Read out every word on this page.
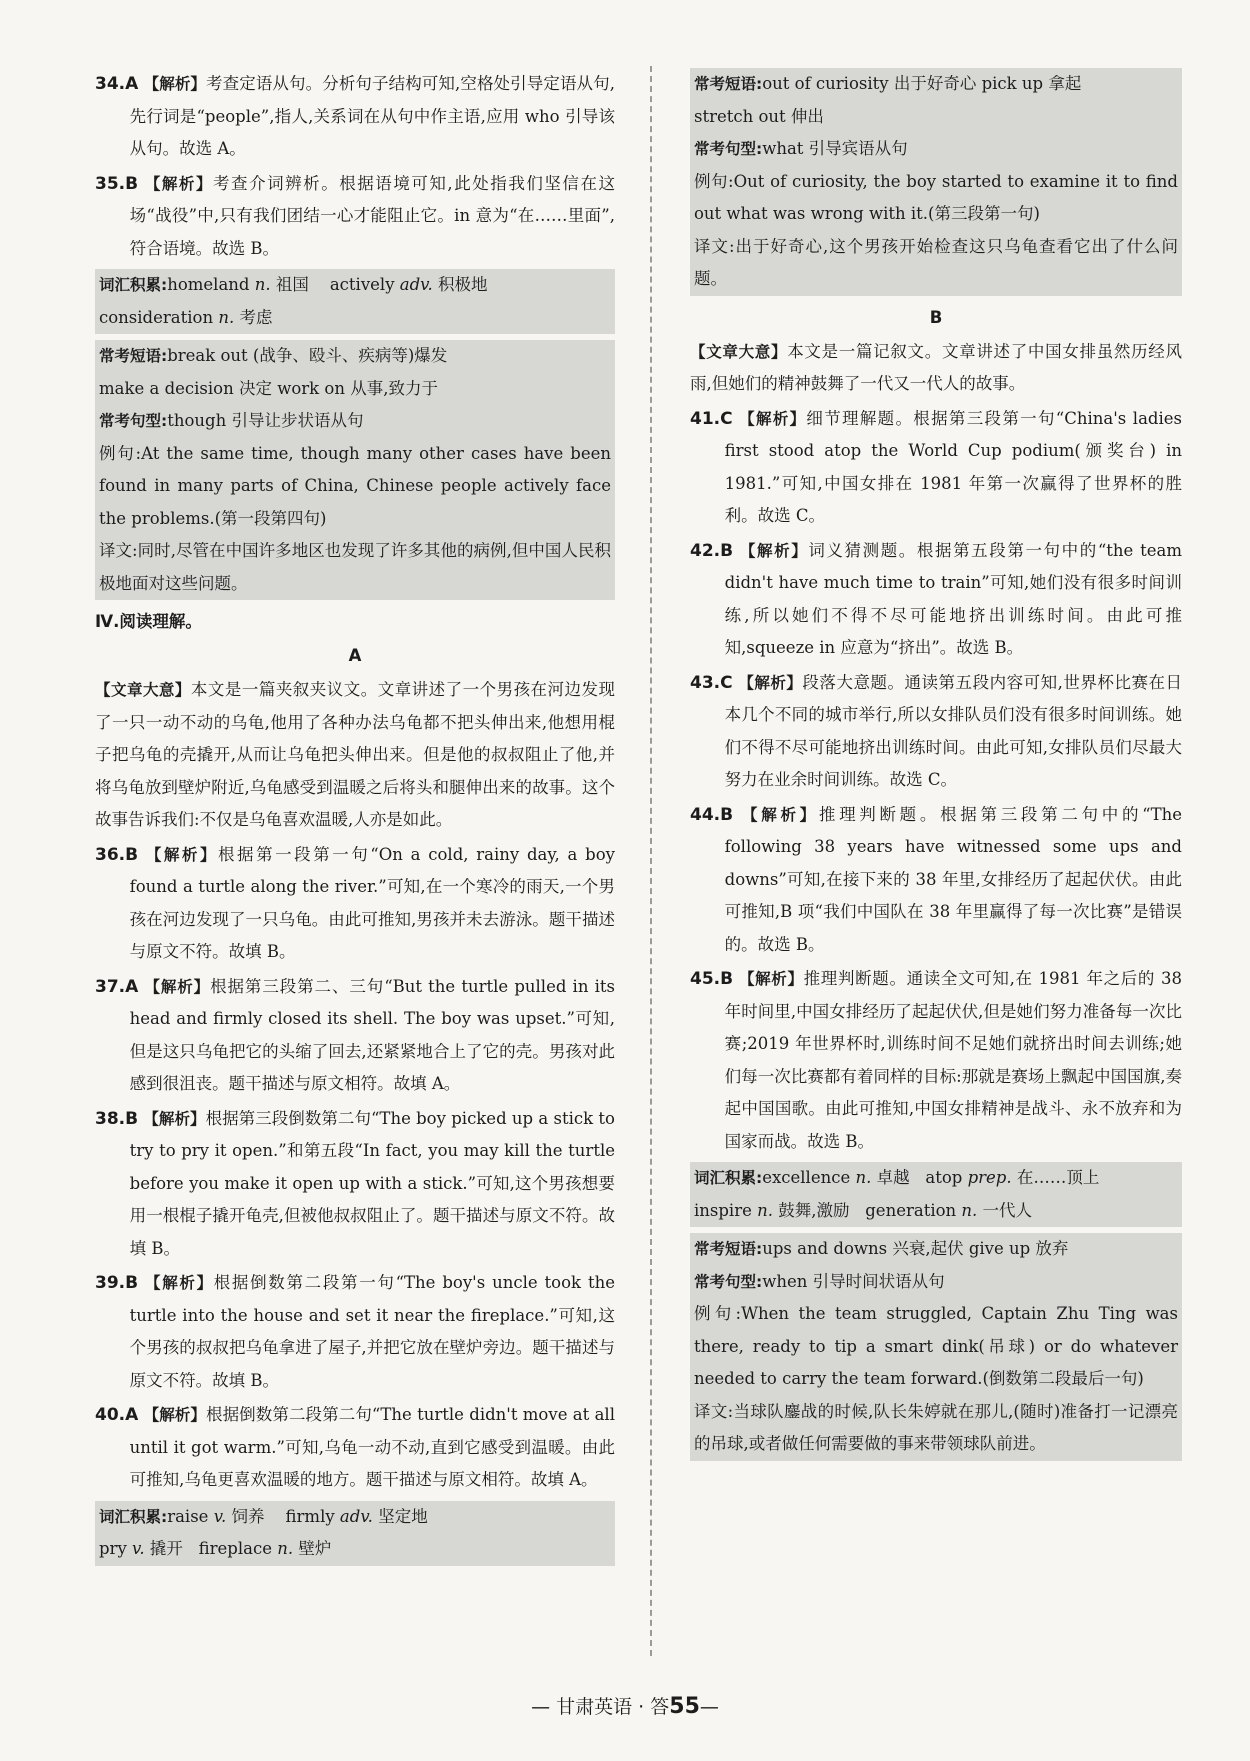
34.A 【解析】考查定语从句。分析句子结构可知,空格处引导定语从句,先行词是“people”,指人,关系词在从句中作主语,应用 who 引导该从句。故选 A。

35.B 【解析】考查介词辨析。根据语境可知,此处指我们坚信在这场“战役”中,只有我们团结一心才能阻止它。in 意为“在……里面”,符合语境。故选 B。

词汇积累:homeland n. 祖国 actively adv. 积极地
consideration n. 考虑

常考短语:break out (战争、殴斗、疾病等)爆发
make a decision 决定 work on 从事,致力于

常考句型:though 引导让步状语从句

例句:At the same time, though many other cases have been found in many parts of China, Chinese people actively face the problems.(第一段第四句)

译文:同时,尽管在中国许多地区也发现了许多其他的病例,但中国人民积极地面对这些问题。

Ⅳ.阅读理解。

A

【文章大意】本文是一篇夹叙夹议文。文章讲述了一个男孩在河边发现了一只一动不动的乌龟,他用了各种办法乌龟都不把头伸出来,他想用棍子把乌龟的壳撬开,从而让乌龟把头伸出来。但是他的叔叔阻止了他,并将乌龟放到壁炉附近,乌龟感受到温暖之后将头和腿伸出来的故事。这个故事告诉我们:不仅是乌龟喜欢温暖,人亦是如此。

36.B 【解析】根据第一段第一句“On a cold, rainy day, a boy found a turtle along the river.”可知,在一个寒冷的雨天,一个男孩在河边发现了一只乌龟。由此可推知,男孩并未去游泳。题干描述与原文不符。故填 B。

37.A 【解析】根据第三段第二、三句“But the turtle pulled in its head and firmly closed its shell. The boy was upset.”可知,但是这只乌龟把它的头缩了回去,还紧紧地合上了它的壳。男孩对此感到很沮丧。题干描述与原文相符。故填 A。

38.B 【解析】根据第三段倒数第二句“The boy picked up a stick to try to pry it open.”和第五段“In fact, you may kill the turtle before you make it open up with a stick.”可知,这个男孩想要用一根棍子撬开龟壳,但被他叔叔阻止了。题干描述与原文不符。故填 B。

39.B 【解析】根据倒数第二段第一句“The boy's uncle took the turtle into the house and set it near the fireplace.”可知,这个男孩的叔叔把乌龟拿进了屋子,并把它放在壁炉旁边。题干描述与原文不符。故填 B。

40.A 【解析】根据倒数第二段第二句“The turtle didn't move at all until it got warm.”可知,乌龟一动不动,直到它感受到温暖。由此可推知,乌龟更喜欢温暖的地方。题干描述与原文相符。故填 A。

词汇积累:raise v. 饲养 firmly adv. 坚定地
pry v. 撬开 fireplace n. 壁炉

常考短语:out of curiosity 出于好奇心 pick up 拿起
stretch out 伸出

常考句型:what 引导宾语从句

例句:Out of curiosity, the boy started to examine it to find out what was wrong with it.(第三段第一句)

译文:出于好奇心,这个男孩开始检查这只乌龟查看它出了什么问题。

B

【文章大意】本文是一篇记叙文。文章讲述了中国女排虽然历经风雨,但她们的精神鼓舞了一代又一代人的故事。

41.C 【解析】细节理解题。根据第三段第一句“China's ladies first stood atop the World Cup podium(颁奖台) in 1981.”可知,中国女排在 1981 年第一次赢得了世界杯的胜利。故选 C。

42.B 【解析】词义猜测题。根据第五段第一句中的“the team didn't have much time to train”可知,她们没有很多时间训练,所以她们不得不尽可能地挤出训练时间。由此可推知,squeeze in 应意为“挤出”。故选 B。

43.C 【解析】段落大意题。通读第五段内容可知,世界杯比赛在日本几个不同的城市举行,所以女排队员们没有很多时间训练。她们不得不尽可能地挤出训练时间。由此可知,女排队员们尽最大努力在业余时间训练。故选 C。

44.B 【解析】推理判断题。根据第三段第二句中的“The following 38 years have witnessed some ups and downs”可知,在接下来的 38 年里,女排经历了起起伏伏。由此可推知,B 项“我们中国队在 38 年里赢得了每一次比赛”是错误的。故选 B。

45.B 【解析】推理判断题。通读全文可知,在 1981 年之后的 38 年时间里,中国女排经历了起起伏伏,但是她们努力准备每一次比赛;2019 年世界杯时,训练时间不足她们就挤出时间去训练;她们每一次比赛都有着同样的目标:那就是赛场上飘起中国国旗,奏起中国国歌。由此可推知,中国女排精神是战斗、永不放弃和为国家而战。故选 B。

词汇积累:excellence n. 卓越 atop prep. 在……顶上
inspire n. 鼓舞,激励 generation n. 一代人

常考短语:ups and downs 兴衰,起伏 give up 放弃

常考句型:when 引导时间状语从句

例句:When the team struggled, Captain Zhu Ting was there, ready to tip a smart dink(吊球) or do whatever needed to carry the team forward.(倒数第二段最后一句)

译文:当球队鏖战的时候,队长朱婷就在那儿,(随时)准备打一记漂亮的吊球,或者做任何需要做的事来带领球队前进。

— 甘肃英语 · 答55—
